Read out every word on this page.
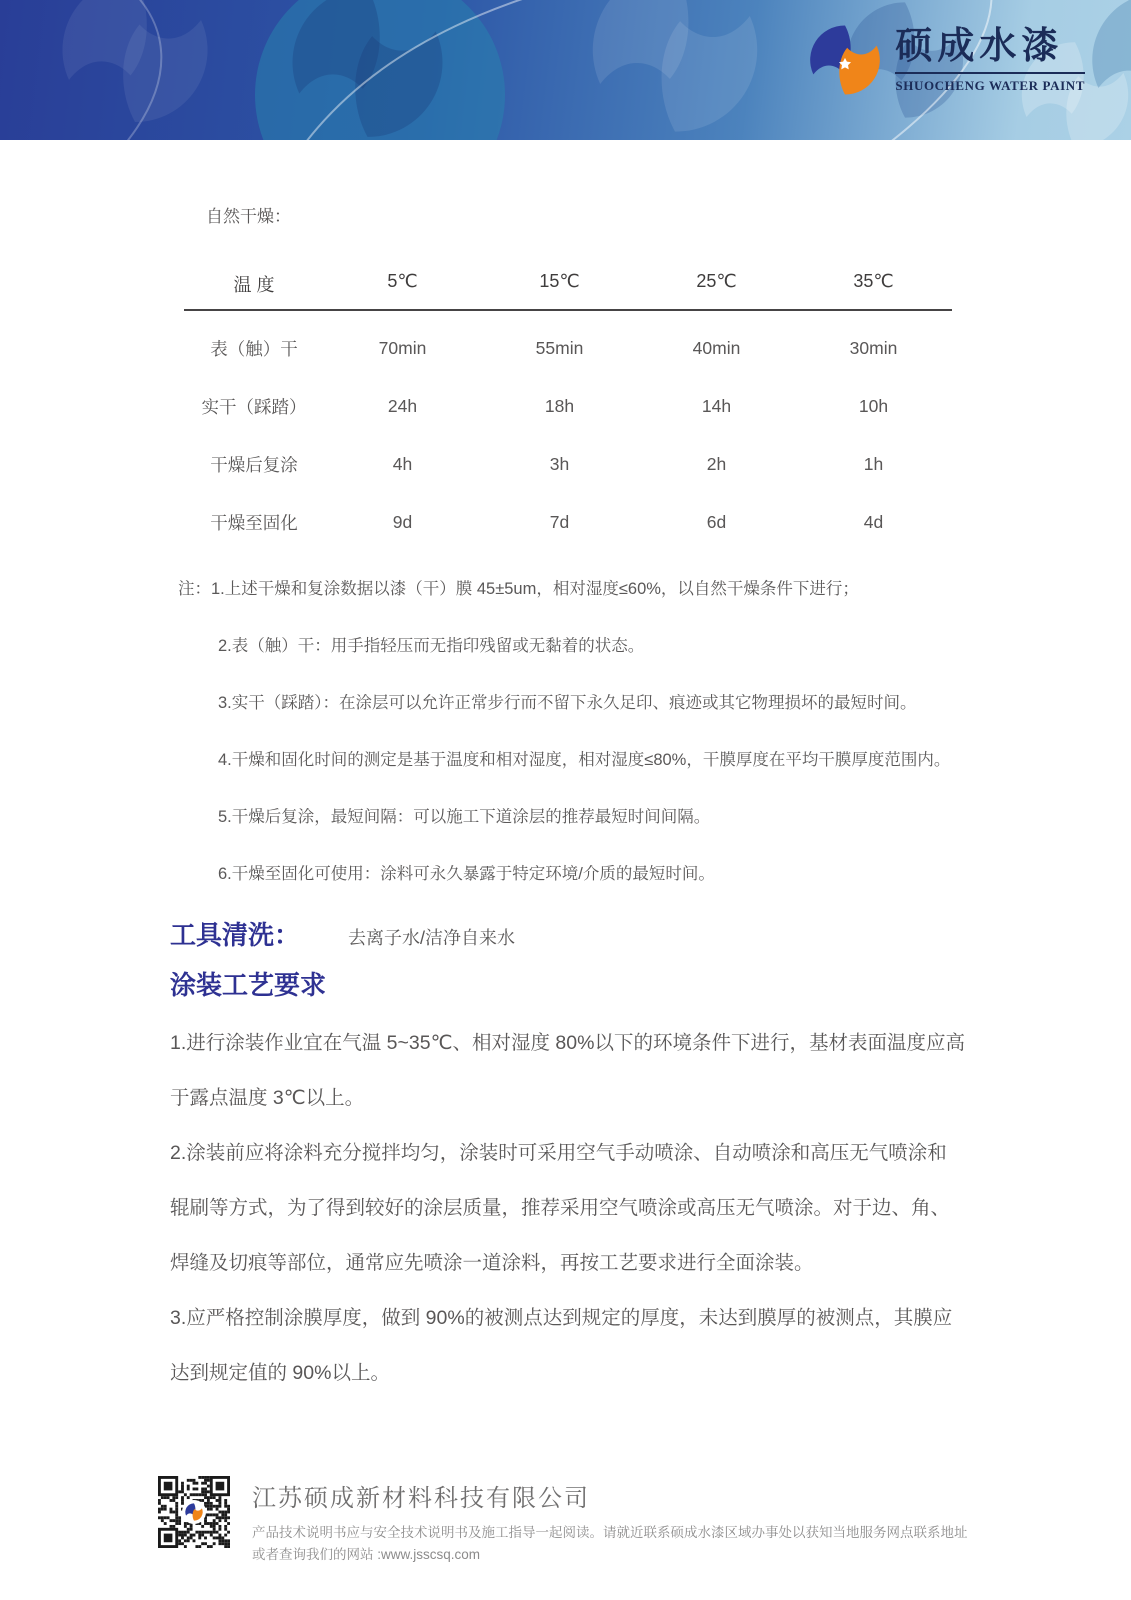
硕成水漆
SHUOCHENG WATER PAINT
自然干燥：
温 度	5℃	15℃	25℃	35℃
表（触）干	70min	55min	40min	30min
实干（踩踏）	24h	18h	14h	10h
干燥后复涂	4h	3h	2h	1h
干燥至固化	9d	7d	6d	4d

注：1.上述干燥和复涂数据以漆（干）膜 45±5um，相对湿度≤60%，以自然干燥条件下进行；

2.表（触）干：用手指轻压而无指印残留或无黏着的状态。

3.实干（踩踏）：在涂层可以允许正常步行而不留下永久足印、痕迹或其它物理损坏的最短时间。

4.干燥和固化时间的测定是基于温度和相对湿度，相对湿度≤80%，干膜厚度在平均干膜厚度范围内。

5.干燥后复涂，最短间隔：可以施工下道涂层的推荐最短时间间隔。

6.干燥至固化可使用：涂料可永久暴露于特定环境/介质的最短时间。

工具清洗：	去离子水/洁净自来水
涂装工艺要求

1.进行涂装作业宜在气温 5~35℃、相对湿度 80%以下的环境条件下进行，基材表面温度应高于露点温度 3℃以上。

2.涂装前应将涂料充分搅拌均匀，涂装时可采用空气手动喷涂、自动喷涂和高压无气喷涂和辊刷等方式，为了得到较好的涂层质量，推荐采用空气喷涂或高压无气喷涂。对于边、角、焊缝及切痕等部位，通常应先喷涂一道涂料，再按工艺要求进行全面涂装。

3.应严格控制涂膜厚度，做到 90%的被测点达到规定的厚度，未达到膜厚的被测点，其膜应达到规定值的 90%以上。

江苏硕成新材料科技有限公司
产品技术说明书应与安全技术说明书及施工指导一起阅读。请就近联系硕成水漆区域办事处以获知当地服务网点联系地址
或者查询我们的网站 :www.jsscsq.com
